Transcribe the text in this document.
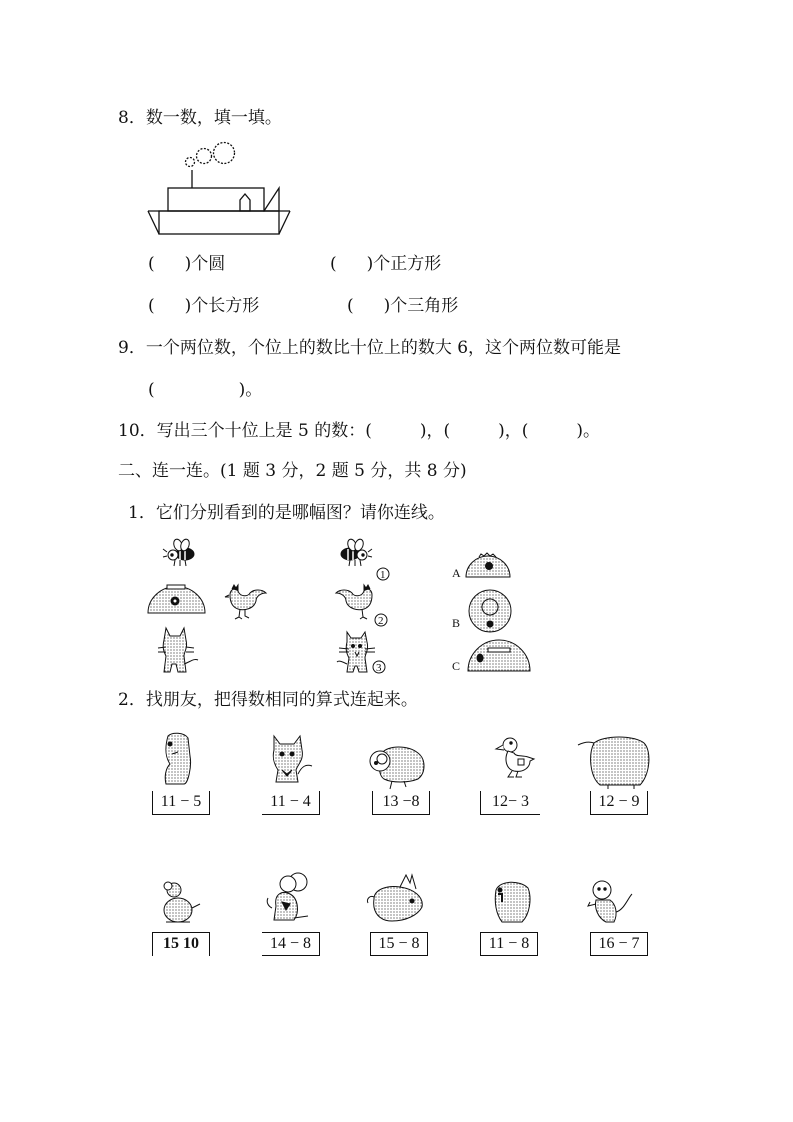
8．数一数，填一填。
( )个圆	( )个正方形
( )个长方形	( )个三角形
9．一个两位数，个位上的数比十位上的数大 6，这个两位数可能是
(	)。
10．写出三个十位上是 5 的数：(	)，(	)，(	)。
二、连一连。(1 题 3 分，2 题 5 分，共 8 分)
1．它们分别看到的是哪幅图？请你连线。
A
B
C
1
2
3
2．找朋友，把得数相同的算式连起来。
11 − 5	11 − 4	13 −8	12− 3	12 − 9
15 10	14 − 8	15 − 8	11 − 8	16 − 7
